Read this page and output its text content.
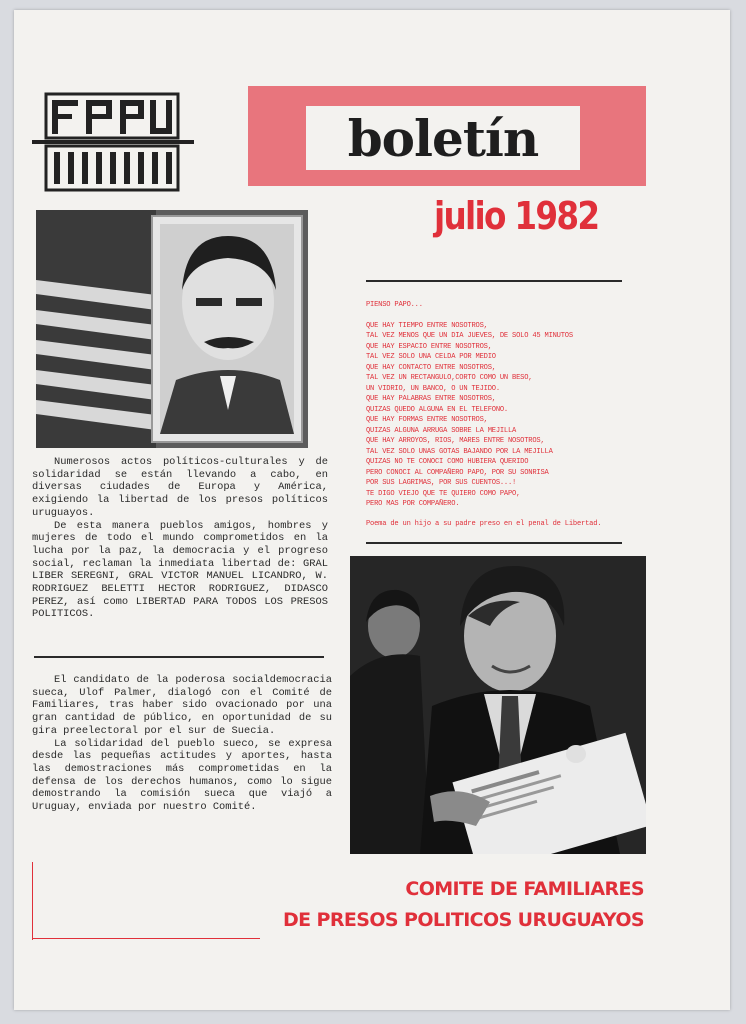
boletín
julio 1982

Numerosos actos políticos-culturales y de solidaridad se están llevando a cabo, en diversas ciudades de Europa y América, exigiendo la libertad de los presos políticos uruguayos.

De esta manera pueblos amigos, hombres y mujeres de todo el mundo comprometidos en la lucha por la paz, la democracia y el progreso social, reclaman la inmediata libertad de: GRAL LIBER SEREGNI, GRAL VICTOR MANUEL LICANDRO, W. RODRIGUEZ BELETTI HECTOR RODRIGUEZ, DIDASCO PEREZ, así como LIBERTAD PARA TODOS LOS PRESOS POLITICOS.

El candidato de la poderosa socialdemocracia sueca, Ulof Palmer, dialogó con el Comité de Familiares, tras haber sido ovacionado por una gran cantidad de público, en oportunidad de su gira preelectoral por el sur de Suecia.

La solidaridad del pueblo sueco, se expresa desde las pequeñas actitudes y aportes, hasta las demostraciones más comprometidas en la defensa de los derechos humanos, como lo sigue demostrando la comisión sueca que viajó a Uruguay, enviada por nuestro Comité.

PIENSO PAPO...
QUE HAY TIEMPO ENTRE NOSOTROS,
TAL VEZ MENOS QUE UN DIA JUEVES, DE SOLO 45 MINUTOS
QUE HAY ESPACIO ENTRE NOSOTROS,
TAL VEZ SOLO UNA CELDA POR MEDIO
QUE HAY CONTACTO ENTRE NOSOTROS,
TAL VEZ UN RECTANGULO,CORTO COMO UN BESO,
UN VIDRIO, UN BANCO, O UN TEJIDO.
QUE HAY PALABRAS ENTRE NOSOTROS,
QUIZAS QUEDO ALGUNA EN EL TELEFONO.
QUE HAY FORMAS ENTRE NOSOTROS,
QUIZAS ALGUNA ARRUGA SOBRE LA MEJILLA
QUE HAY ARROYOS, RIOS, MARES ENTRE NOSOTROS,
TAL VEZ SOLO UNAS GOTAS BAJANDO POR LA MEJILLA
QUIZAS NO TE CONOCI COMO HUBIERA QUERIDO
PERO CONOCI AL COMPAÑERO PAPO, POR SU SONRISA
POR SUS LAGRIMAS, POR SUS CUENTOS...!
TE DIGO VIEJO QUE TE QUIERO COMO PAPO,
PERO MAS POR COMPAÑERO.
Poema de un hijo a su padre preso en el penal de Libertad.
COMITE DE FAMILIARES
DE PRESOS POLITICOS URUGUAYOS
